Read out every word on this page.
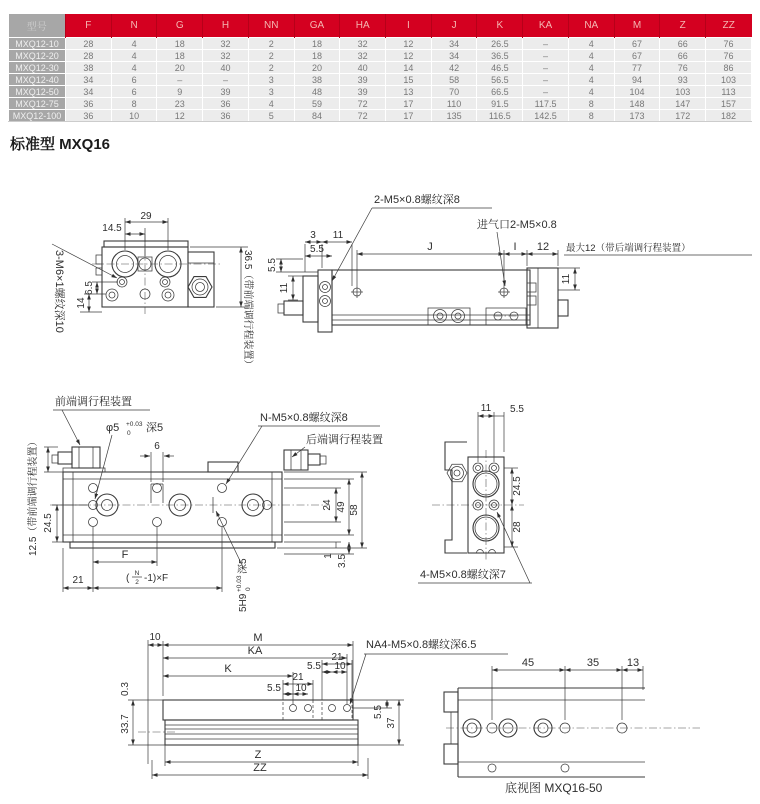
型号	F	N	G	H	NN	GA	HA	I	J	K	KA	NA	M	Z	ZZ
MXQ12-10	28	4	18	32	2	18	32	12	34	26.5	–	4	67	66	76
MXQ12-20	28	4	18	32	2	18	32	12	34	36.5	–	4	67	66	76
MXQ12-30	38	4	20	40	2	20	40	14	42	46.5	–	4	77	76	86
MXQ12-40	34	6	–	–	3	38	39	15	58	56.5	–	4	94	93	103
MXQ12-50	34	6	9	39	3	48	39	13	70	66.5	–	4	104	103	113
MXQ12-75	36	8	23	36	4	59	72	17	110	91.5	117.5	8	148	147	157
MXQ12-100	36	10	12	36	5	84	72	17	135	116.5	142.5	8	173	172	182
标准型 MXQ16
29
14.5
6.5
14	36.5（带前端调行程装置）
3-M6×1螺纹深10
3 11
5.5
5.5
11
J	I 12 最大12（带后端调行程装置）
11
2-M5×0.8螺纹深8
进气口2-M5×0.8
前端调行程装置
φ5 +0.03
0 深5
6
N-M5×0.8螺纹深8
后端调行程装置
12.5（带前端调行程装置） 24.5
F
21	( N
2 -1)×F
24 49 58
1 3.5
5H9
+0.03 0
深5
11 5.5
24.5
28
4-M5×0.8螺纹深7
10	M
KA
K
21
5.5 10
21
5.5 10
NA4-M5×0.8螺纹深6.5
0.3
33.7
5.5
37
Z
ZZ
45	35	13
底视图 MXQ16-50
